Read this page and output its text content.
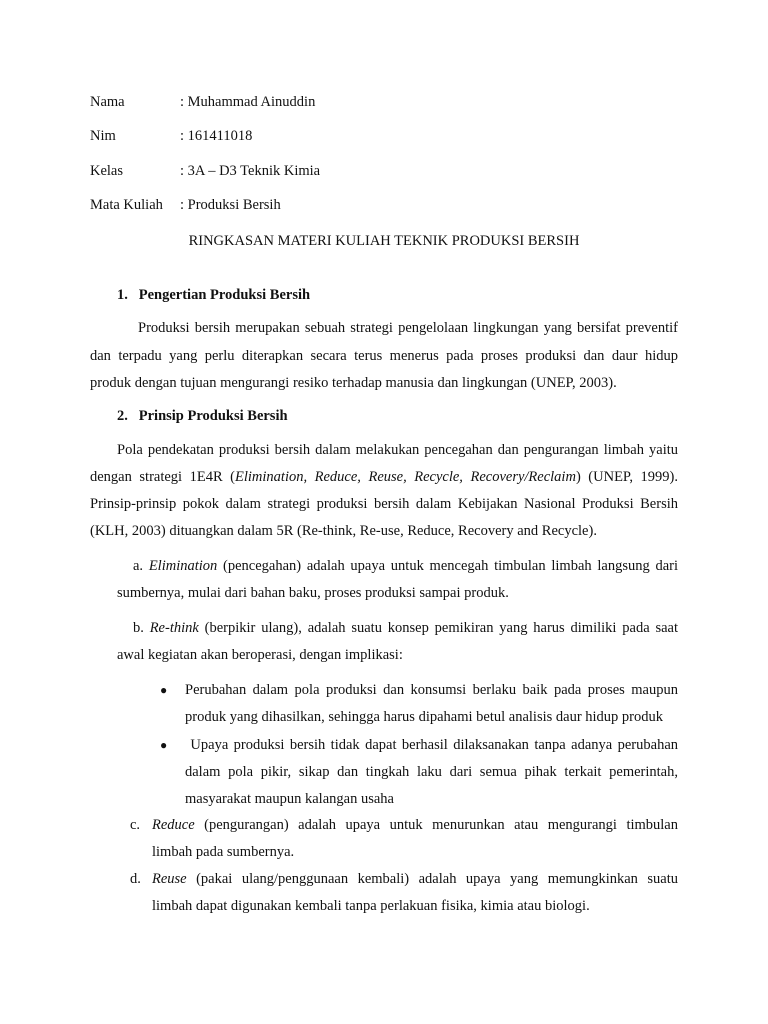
Nama	: Muhammad Ainuddin
Nim	: 161411018
Kelas	: 3A – D3 Teknik Kimia
Mata Kuliah : Produksi Bersih
RINGKASAN MATERI KULIAH TEKNIK PRODUKSI BERSIH
1.   Pengertian Produksi Bersih
Produksi bersih merupakan sebuah strategi pengelolaan lingkungan yang bersifat preventif
dan terpadu yang perlu diterapkan secara terus menerus pada proses produksi dan daur hidup
produk dengan tujuan mengurangi resiko terhadap manusia dan lingkungan (UNEP, 2003).
2.   Prinsip Produksi Bersih
Pola pendekatan produksi bersih dalam melakukan pencegahan dan pengurangan limbah yaitu
dengan strategi 1E4R (Elimination, Reduce, Reuse, Recycle, Recovery/Reclaim) (UNEP, 1999).
Prinsip-prinsip pokok dalam strategi produksi bersih dalam Kebijakan Nasional Produksi Bersih
(KLH, 2003) dituangkan dalam 5R (Re-think, Re-use, Reduce, Recovery and Recycle).
a. Elimination (pencegahan) adalah upaya untuk mencegah timbulan limbah langsung dari
sumbernya, mulai dari bahan baku, proses produksi sampai produk.
b. Re-think (berpikir ulang), adalah suatu konsep pemikiran yang harus dimiliki pada saat
awal kegiatan akan beroperasi, dengan implikasi:
● Perubahan dalam pola produksi dan konsumsi berlaku baik pada proses maupun
produk yang dihasilkan, sehingga harus dipahami betul analisis daur hidup produk
● Upaya produksi bersih tidak dapat berhasil dilaksanakan tanpa adanya perubahan
dalam pola pikir, sikap dan tingkah laku dari semua pihak terkait pemerintah,
masyarakat maupun kalangan usaha
c. Reduce (pengurangan) adalah upaya untuk menurunkan atau mengurangi timbulan
limbah pada sumbernya.
d. Reuse (pakai ulang/penggunaan kembali) adalah upaya yang memungkinkan suatu
limbah dapat digunakan kembali tanpa perlakuan fisika, kimia atau biologi.
